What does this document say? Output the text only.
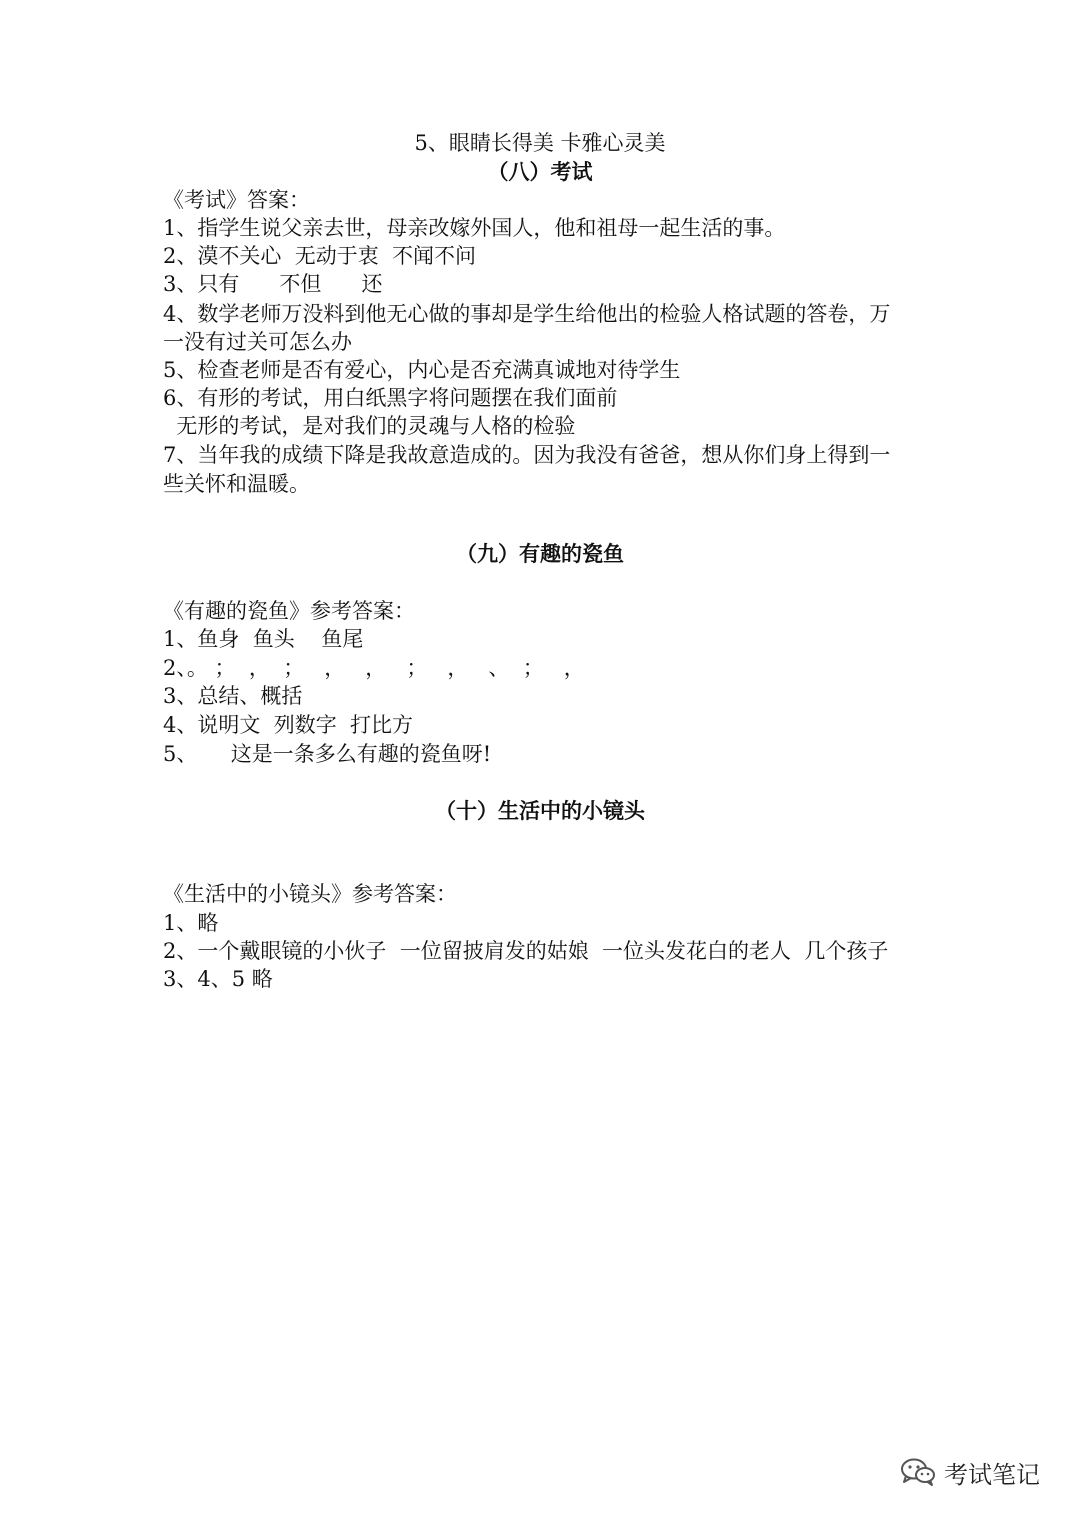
5、眼睛长得美 卡雅心灵美
（八）考试
《考试》答案：
1、指学生说父亲去世，母亲改嫁外国人，他和祖母一起生活的事。
2、漠不关心  无动于衷  不闻不问
3、只有      不但      还
4、数学老师万没料到他无心做的事却是学生给他出的检验人格试题的答卷，万
一没有过关可怎么办
5、检查老师是否有爱心，内心是否充满真诚地对待学生
6、有形的考试，用白纸黑字将问题摆在我们面前
无形的考试，是对我们的灵魂与人格的检验
7、当年我的成绩下降是我故意造成的。因为我没有爸爸，想从你们身上得到一
些关怀和温暖。
（九）有趣的瓷鱼
《有趣的瓷鱼》参考答案：
1、鱼身  鱼头    鱼尾
2、。 ；  ，  ；   ，   ，   ；   ，   、  ；   ，
3、总结、概括
4、说明文  列数字  打比方
5、     这是一条多么有趣的瓷鱼呀!
（十）生活中的小镜头
《生活中的小镜头》参考答案：
1、略
2、一个戴眼镜的小伙子  一位留披肩发的姑娘  一位头发花白的老人  几个孩子
3、4、5 略
考试笔记
